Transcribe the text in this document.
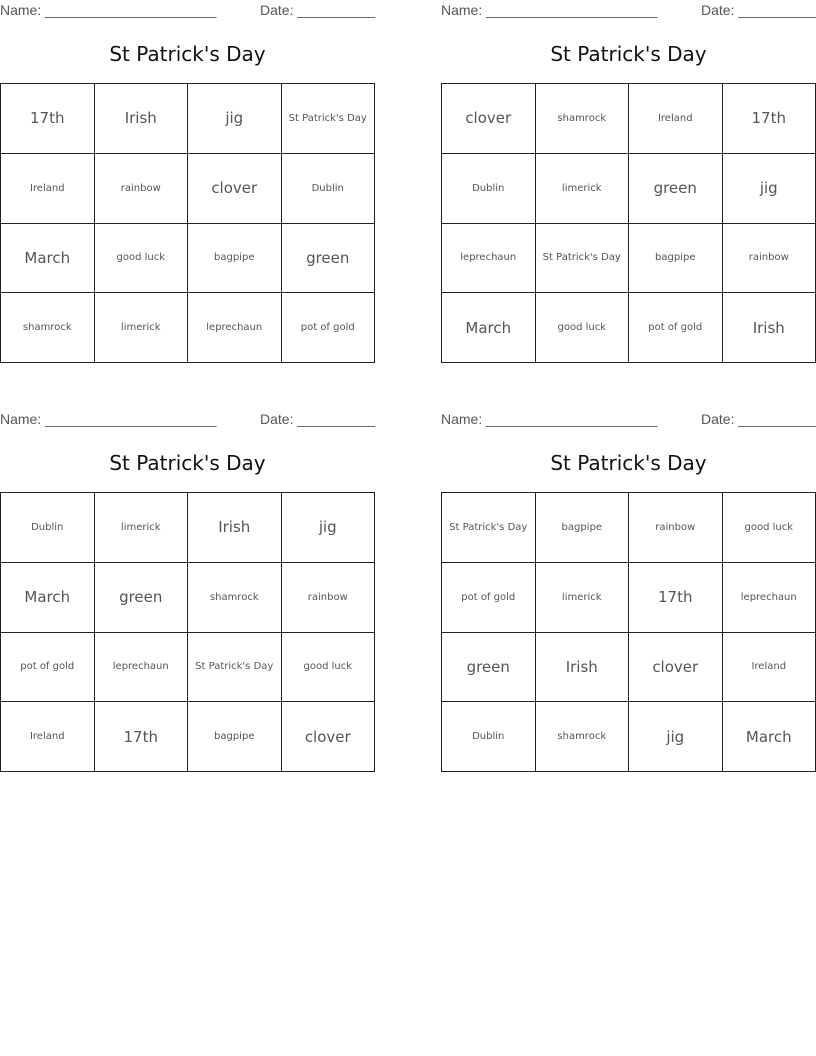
Name: ______________________	Date: __________
St Patrick's Day
17th	Irish	jig	St Patrick's Day
Ireland	rainbow	clover	Dublin
March	good luck	bagpipe	green
shamrock	limerick	leprechaun	pot of gold
Name: ______________________	Date: __________
St Patrick's Day
clover	shamrock	Ireland	17th
Dublin	limerick	green	jig
leprechaun	St Patrick's Day	bagpipe	rainbow
March	good luck	pot of gold	Irish
Name: ______________________	Date: __________
St Patrick's Day
Dublin	limerick	Irish	jig
March	green	shamrock	rainbow
pot of gold	leprechaun	St Patrick's Day	good luck
Ireland	17th	bagpipe	clover
Name: ______________________	Date: __________
St Patrick's Day
St Patrick's Day	bagpipe	rainbow	good luck
pot of gold	limerick	17th	leprechaun
green	Irish	clover	Ireland
Dublin	shamrock	jig	March
